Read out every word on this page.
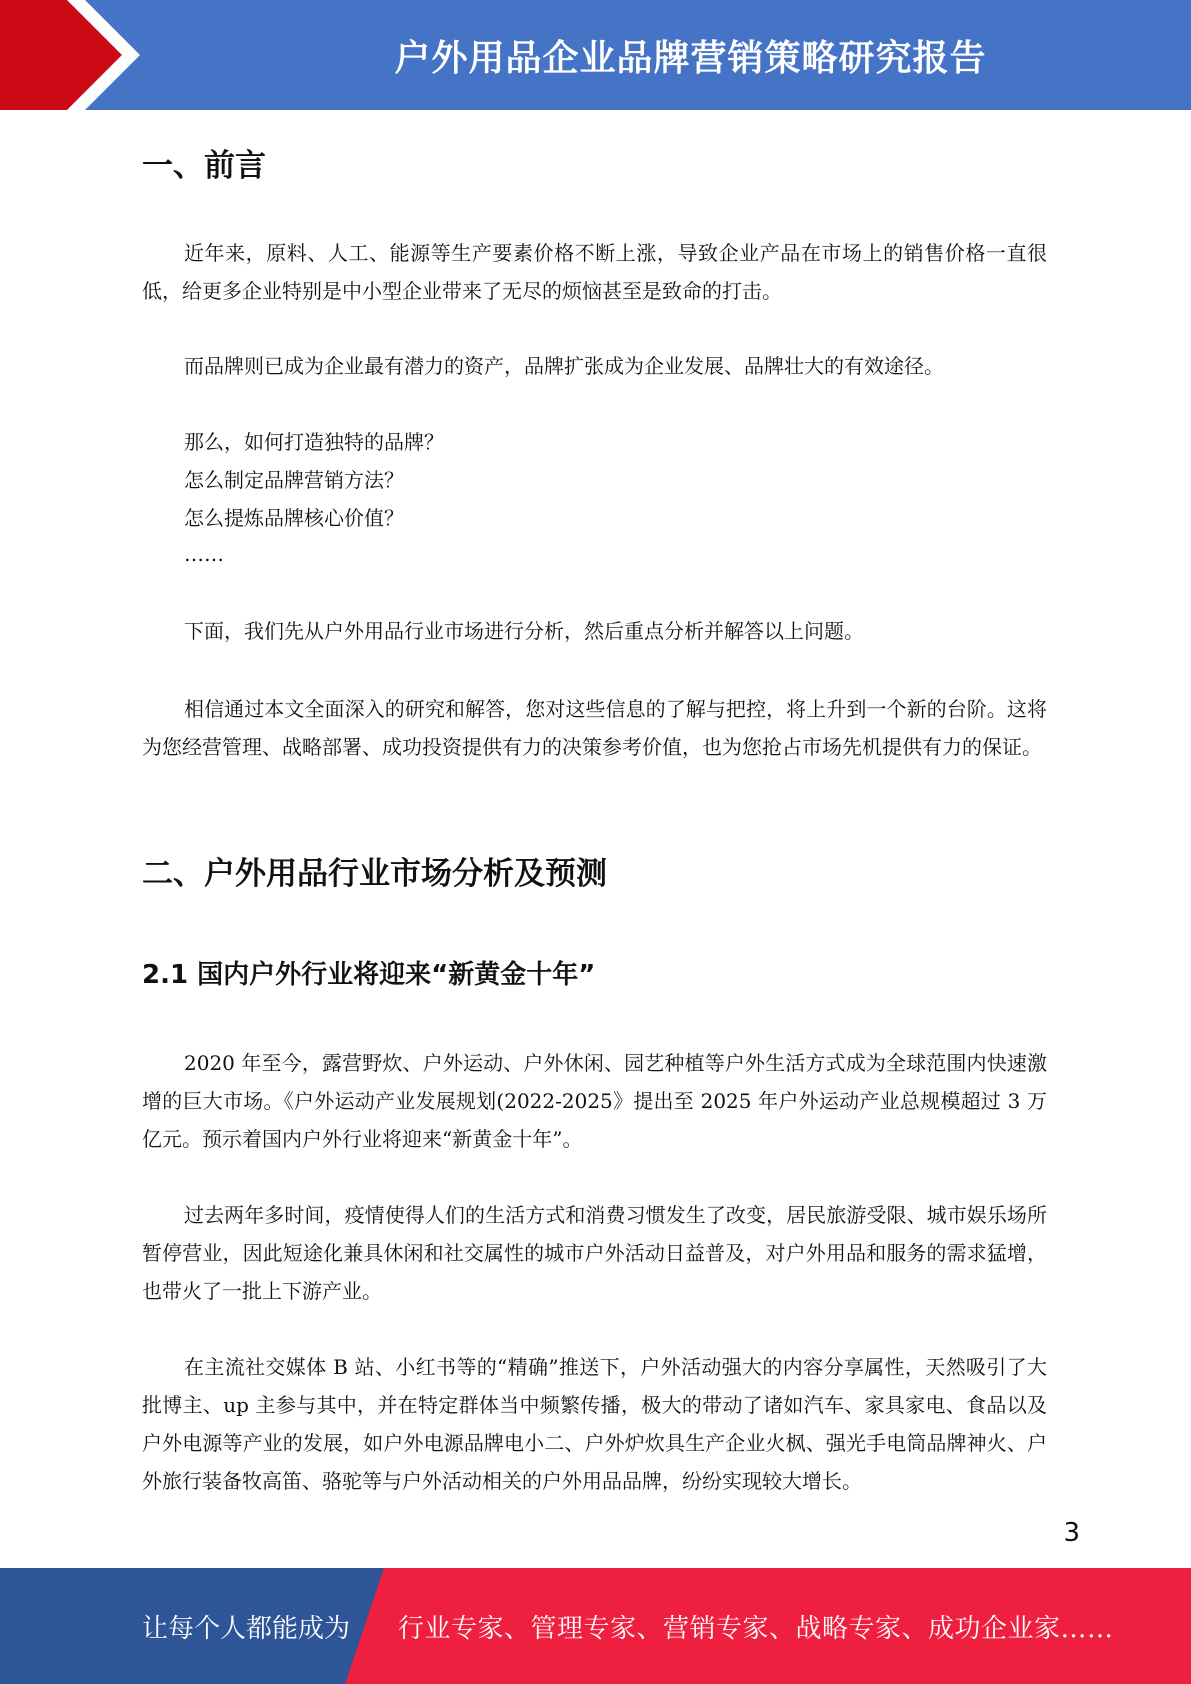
户外用品企业品牌营销策略研究报告
一、前言

近年来，原料、人工、能源等生产要素价格不断上涨，导致企业产品在市场上的销售价格一直很低，给更多企业特别是中小型企业带来了无尽的烦恼甚至是致命的打击。

而品牌则已成为企业最有潜力的资产，品牌扩张成为企业发展、品牌壮大的有效途径。

那么，如何打造独特的品牌？

怎么制定品牌营销方法？

怎么提炼品牌核心价值？

……

下面，我们先从户外用品行业市场进行分析，然后重点分析并解答以上问题。

相信通过本文全面深入的研究和解答，您对这些信息的了解与把控，将上升到一个新的台阶。这将为您经营管理、战略部署、成功投资提供有力的决策参考价值，也为您抢占市场先机提供有力的保证。

二、户外用品行业市场分析及预测
2.1 国内户外行业将迎来“新黄金十年”

2020 年至今，露营野炊、户外运动、户外休闲、园艺种植等户外生活方式成为全球范围内快速激增的巨大市场。《户外运动产业发展规划(2022-2025》提出至 2025 年户外运动产业总规模超过 3 万亿元。预示着国内户外行业将迎来“新黄金十年”。

过去两年多时间，疫情使得人们的生活方式和消费习惯发生了改变，居民旅游受限、城市娱乐场所暂停营业，因此短途化兼具休闲和社交属性的城市户外活动日益普及，对户外用品和服务的需求猛增，也带火了一批上下游产业。

在主流社交媒体 B 站、小红书等的“精确”推送下，户外活动强大的内容分享属性，天然吸引了大批博主、up 主参与其中，并在特定群体当中频繁传播，极大的带动了诸如汽车、家具家电、食品以及户外电源等产业的发展，如户外电源品牌电小二、户外炉炊具生产企业火枫、强光手电筒品牌神火、户外旅行装备牧高笛、骆驼等与户外活动相关的户外用品品牌，纷纷实现较大增长。

3
让每个人都能成为 行业专家、管理专家、营销专家、战略专家、成功企业家……
